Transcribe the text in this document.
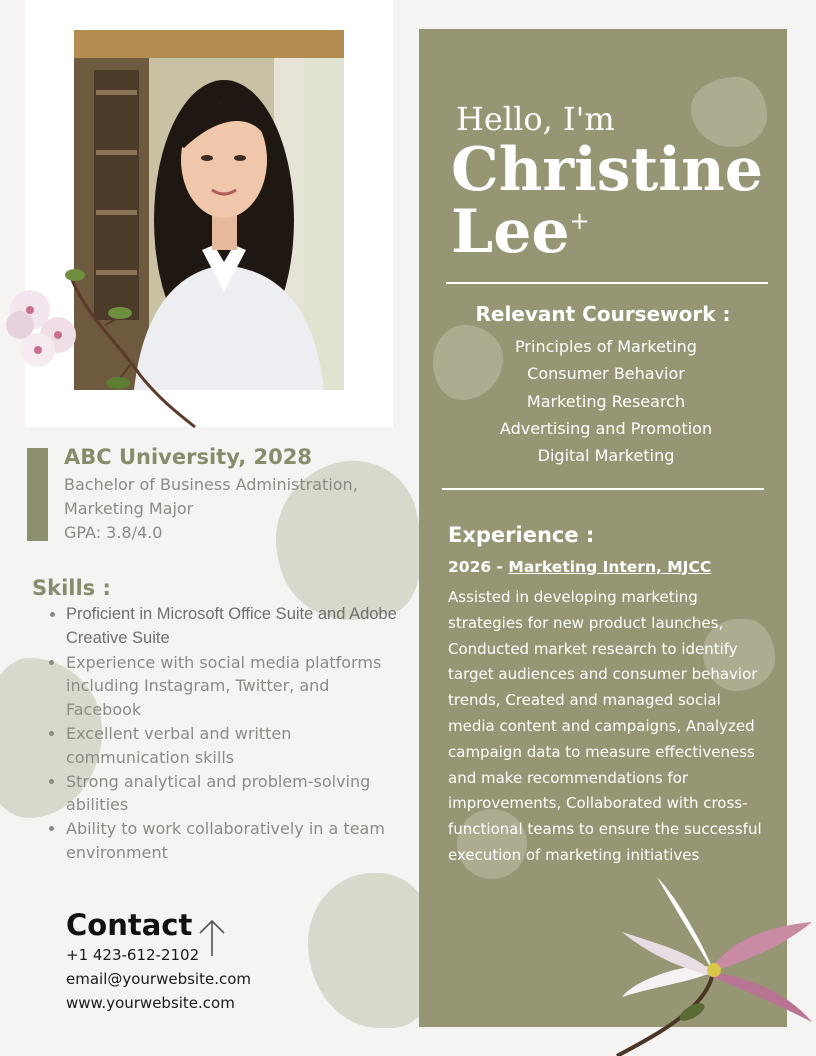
ABC University, 2028
Bachelor of Business Administration,
Marketing Major
GPA: 3.8/4.0
Skills :
• Proficient in Microsoft Office Suite and Adobe Creative Suite
• Experience with social media platforms including Instagram, Twitter, and Facebook
• Excellent verbal and written communication skills
• Strong analytical and problem-solving abilities
• Ability to work collaboratively in a team environment
Contact
+1 423-612-2102
email@yourwebsite.com
www.yourwebsite.com
Hello, I'm
Christine
Lee+
Relevant Coursework :
Principles of Marketing
Consumer Behavior
Marketing Research
Advertising and Promotion
Digital Marketing
Experience :
2026 - Marketing Intern, MJCC
Assisted in developing marketing strategies for new product launches, Conducted market research to identify target audiences and consumer behavior trends, Created and managed social media content and campaigns, Analyzed campaign data to measure effectiveness and make recommendations for improvements, Collaborated with cross-functional teams to ensure the successful execution of marketing initiatives
